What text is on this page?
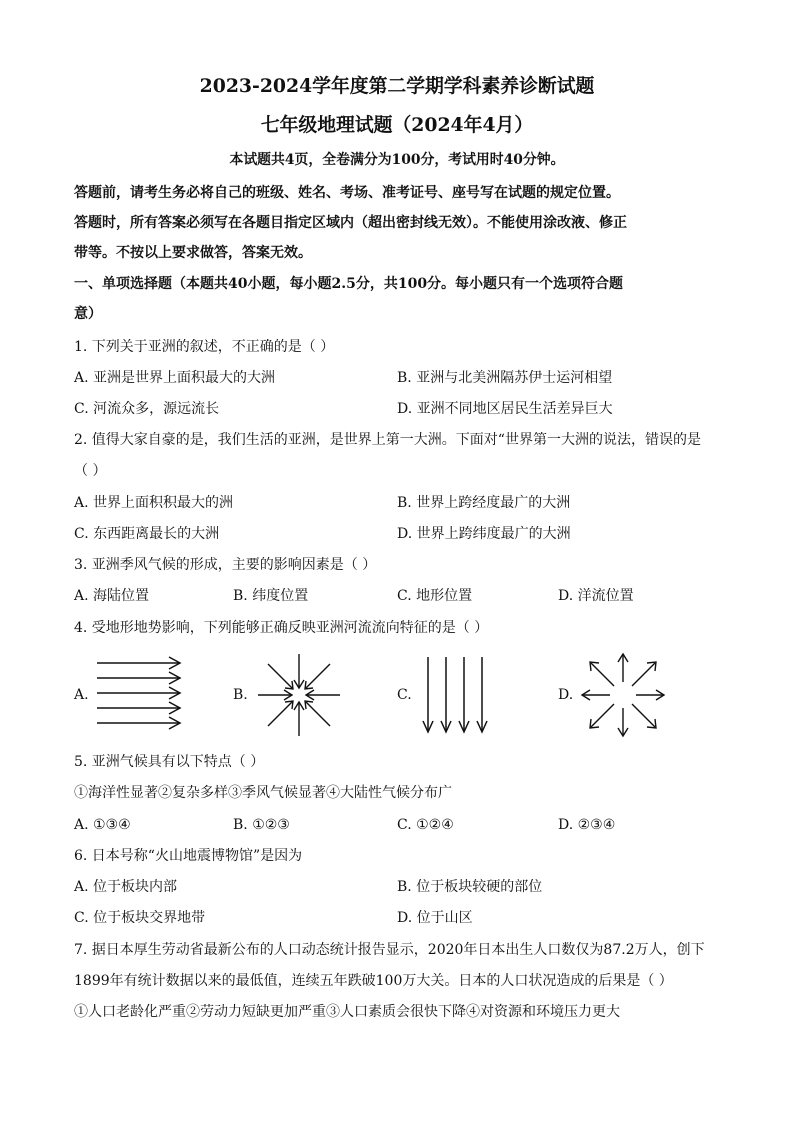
2023-2024学年度第二学期学科素养诊断试题
七年级地理试题（2024年4月）
本试题共4页，全卷满分为100分，考试用时40分钟。
答题前，请考生务必将自己的班级、姓名、考场、准考证号、座号写在试题的规定位置。
答题时，所有答案必须写在各题目指定区域内（超出密封线无效）。不能使用涂改液、修正
带等。不按以上要求做答，答案无效。
一、单项选择题（本题共40小题，每小题2.5分，共100分。每小题只有一个选项符合题
意）
1. 下列关于亚洲的叙述，不正确的是（ ）
A. 亚洲是世界上面积最大的大洲	B. 亚洲与北美洲隔苏伊士运河相望
C. 河流众多，源远流长	D. 亚洲不同地区居民生活差异巨大
2. 值得大家自豪的是，我们生活的亚洲，是世界上第一大洲。下面对“世界第一大洲的说法，错误的是
（ ）
A. 世界上面积积最大的洲	B. 世界上跨经度最广的大洲
C. 东西距离最长的大洲	D. 世界上跨纬度最广的大洲
3. 亚洲季风气候的形成，主要的影响因素是（ ）
A. 海陆位置	B. 纬度位置	C. 地形位置	D. 洋流位置
4. 受地形地势影响，下列能够正确反映亚洲河流流向特征的是（ ）
A.	B.	C.	D.
5. 亚洲气候具有以下特点（ ）
①海洋性显著②复杂多样③季风气候显著④大陆性气候分布广
A. ①③④	B. ①②③	C. ①②④	D. ②③④
6. 日本号称“火山地震博物馆”是因为
A. 位于板块内部	B. 位于板块较硬的部位
C. 位于板块交界地带	D. 位于山区
7. 据日本厚生劳动省最新公布的人口动态统计报告显示，2020年日本出生人口数仅为87.2万人，创下
1899年有统计数据以来的最低值，连续五年跌破100万大关。日本的人口状况造成的后果是（ ）
①人口老龄化严重②劳动力短缺更加严重③人口素质会很快下降④对资源和环境压力更大
